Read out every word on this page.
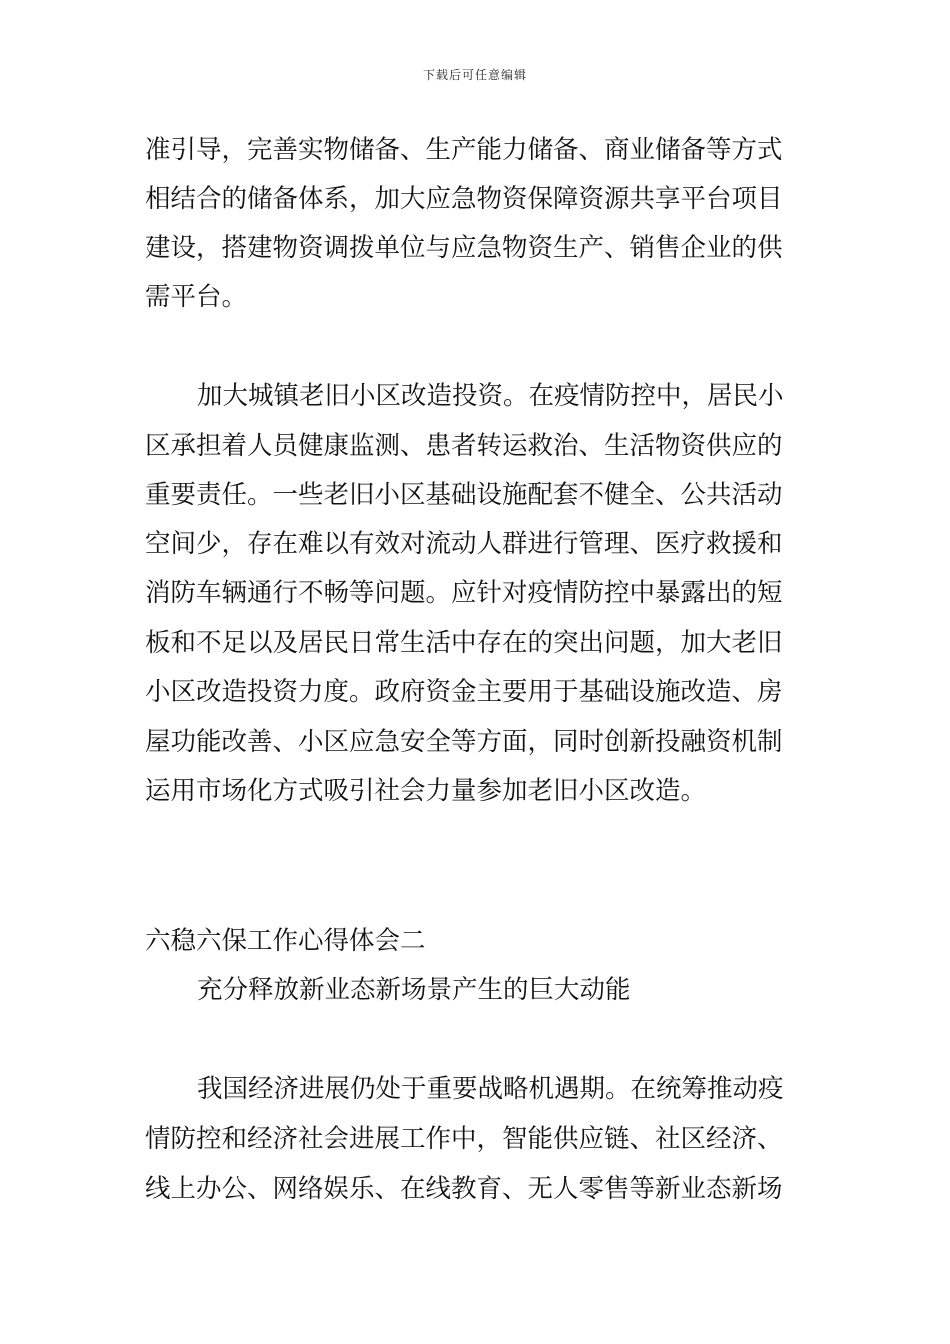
下载后可任意编辑
准引导，完善实物储备、生产能力储备、商业储备等方式
相结合的储备体系，加大应急物资保障资源共享平台项目
建设，搭建物资调拨单位与应急物资生产、销售企业的供
需平台。
加大城镇老旧小区改造投资。在疫情防控中，居民小
区承担着人员健康监测、患者转运救治、生活物资供应的
重要责任。一些老旧小区基础设施配套不健全、公共活动
空间少，存在难以有效对流动人群进行管理、医疗救援和
消防车辆通行不畅等问题。应针对疫情防控中暴露出的短
板和不足以及居民日常生活中存在的突出问题，加大老旧
小区改造投资力度。政府资金主要用于基础设施改造、房
屋功能改善、小区应急安全等方面，同时创新投融资机制
运用市场化方式吸引社会力量参加老旧小区改造。
六稳六保工作心得体会二
充分释放新业态新场景产生的巨大动能
我国经济进展仍处于重要战略机遇期。在统筹推动疫
情防控和经济社会进展工作中，智能供应链、社区经济、
线上办公、网络娱乐、在线教育、无人零售等新业态新场
